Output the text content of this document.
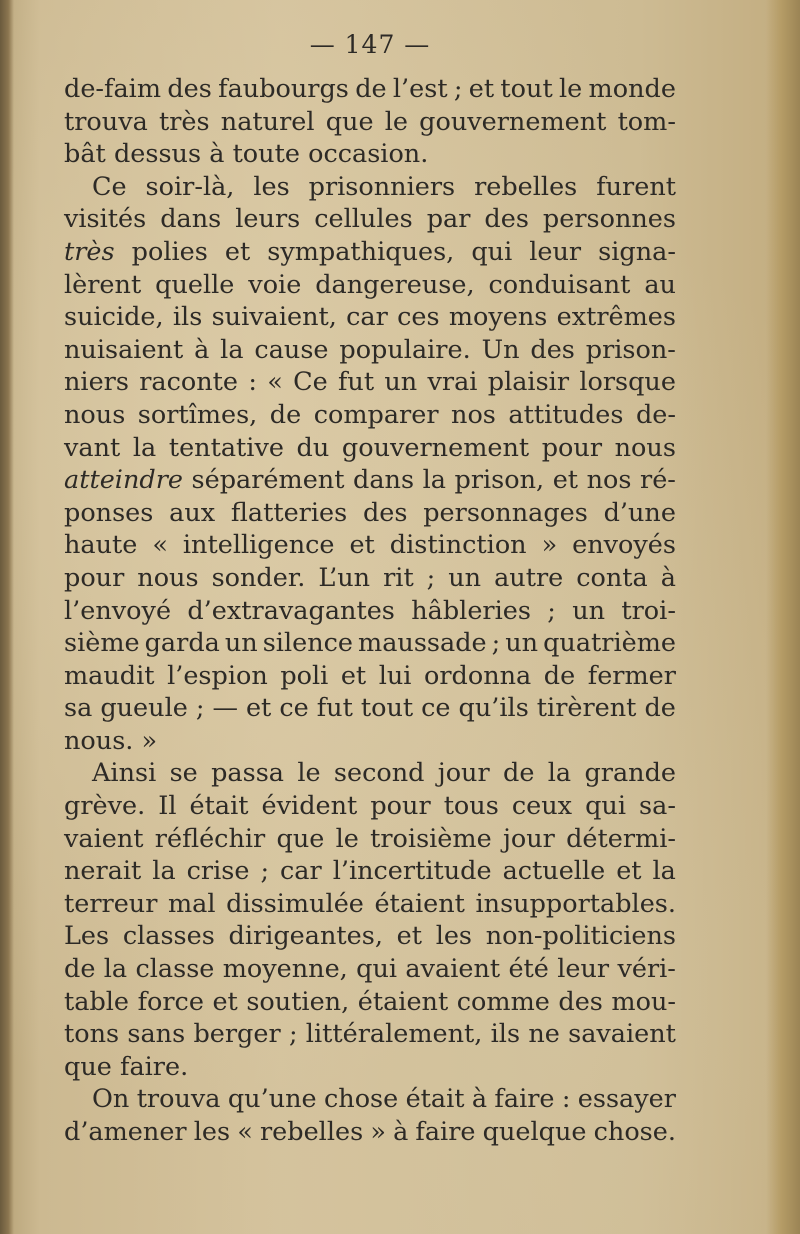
— 147 —
de-faim des faubourgs de l’est ; et tout le monde
trouva très naturel que le gouvernement tom-
bât dessus à toute occasion.
Ce soir-là, les prisonniers rebelles furent
visités dans leurs cellules par des personnes
très polies et sympathiques, qui leur signa-
lèrent quelle voie dangereuse, conduisant au
suicide, ils suivaient, car ces moyens extrêmes
nuisaient à la cause populaire. Un des prison-
niers raconte : « Ce fut un vrai plaisir lorsque
nous sortîmes, de comparer nos attitudes de-
vant la tentative du gouvernement pour nous
atteindre séparément dans la prison, et nos ré-
ponses aux flatteries des personnages d’une
haute « intelligence et distinction » envoyés
pour nous sonder. L’un rit ; un autre conta à
l’envoyé d’extravagantes hâbleries ; un troi-
sième garda un silence maussade ; un quatrième
maudit l’espion poli et lui ordonna de fermer
sa gueule ; — et ce fut tout ce qu’ils tirèrent de
nous. »
Ainsi se passa le second jour de la grande
grève. Il était évident pour tous ceux qui sa-
vaient réfléchir que le troisième jour détermi-
nerait la crise ; car l’incertitude actuelle et la
terreur mal dissimulée étaient insupportables.
Les classes dirigeantes, et les non-politiciens
de la classe moyenne, qui avaient été leur véri-
table force et soutien, étaient comme des mou-
tons sans berger ; littéralement, ils ne savaient
que faire.
On trouva qu’une chose était à faire : essayer
d’amener les « rebelles » à faire quelque chose.
